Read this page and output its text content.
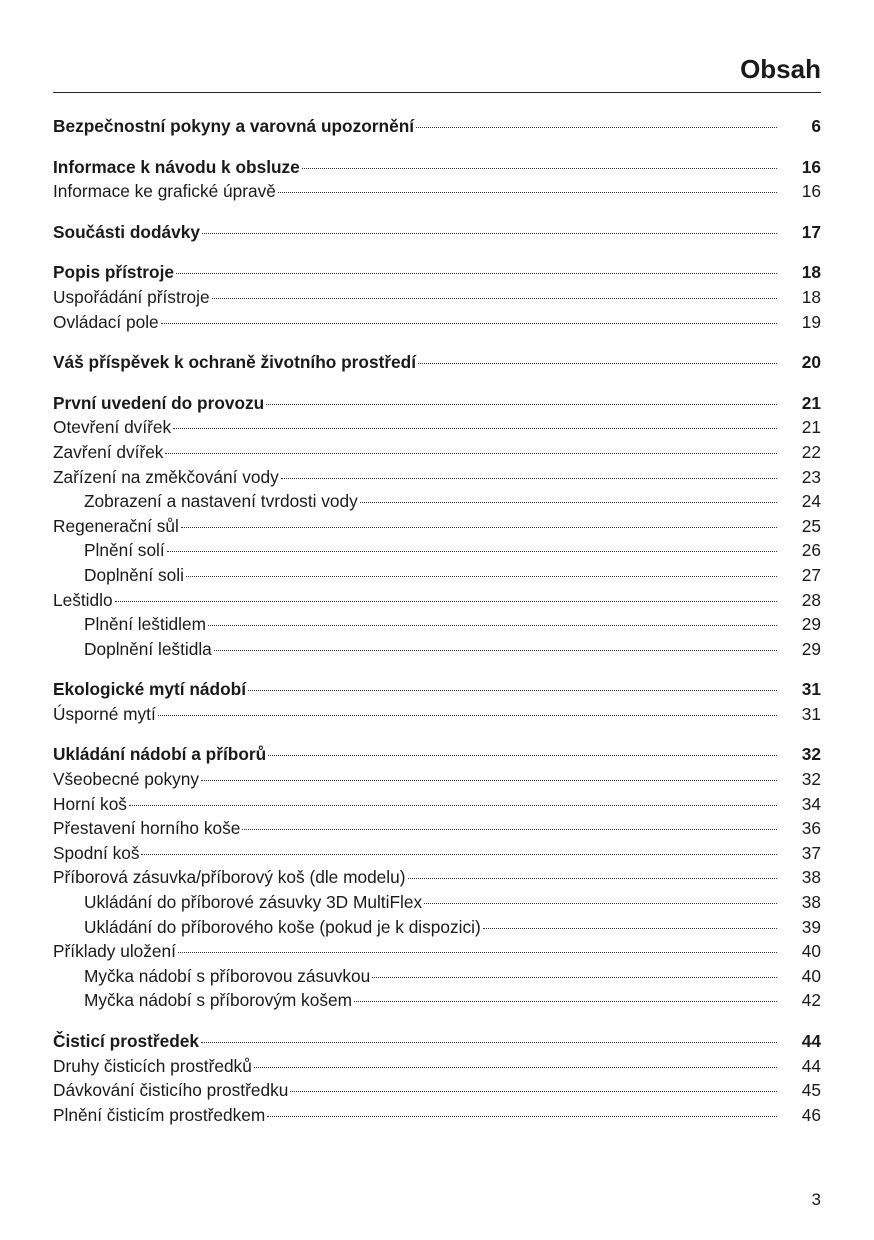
Obsah
Bezpečnostní pokyny a varovná upozornění	6
Informace k návodu k obsluze	16
Informace ke grafické úpravě	16
Součásti dodávky	17
Popis přístroje	18
Uspořádání přístroje	18
Ovládací pole	19
Váš příspěvek k ochraně životního prostředí	20
První uvedení do provozu	21
Otevření dvířek	21
Zavření dvířek	22
Zařízení na změkčování vody	23
Zobrazení a nastavení tvrdosti vody	24
Regenerační sůl	25
Plnění solí	26
Doplnění soli	27
Leštidlo	28
Plnění leštidlem	29
Doplnění leštidla	29
Ekologické mytí nádobí	31
Úsporné mytí	31
Ukládání nádobí a příborů	32
Všeobecné pokyny	32
Horní koš	34
Přestavení horního koše	36
Spodní koš	37
Příborová zásuvka/příborový koš (dle modelu)	38
Ukládání do příborové zásuvky 3D MultiFlex	38
Ukládání do příborového koše (pokud je k dispozici)	39
Příklady uložení	40
Myčka nádobí s příborovou zásuvkou	40
Myčka nádobí s příborovým košem	42
Čisticí prostředek	44
Druhy čisticích prostředků	44
Dávkování čisticího prostředku	45
Plnění čisticím prostředkem	46
3
